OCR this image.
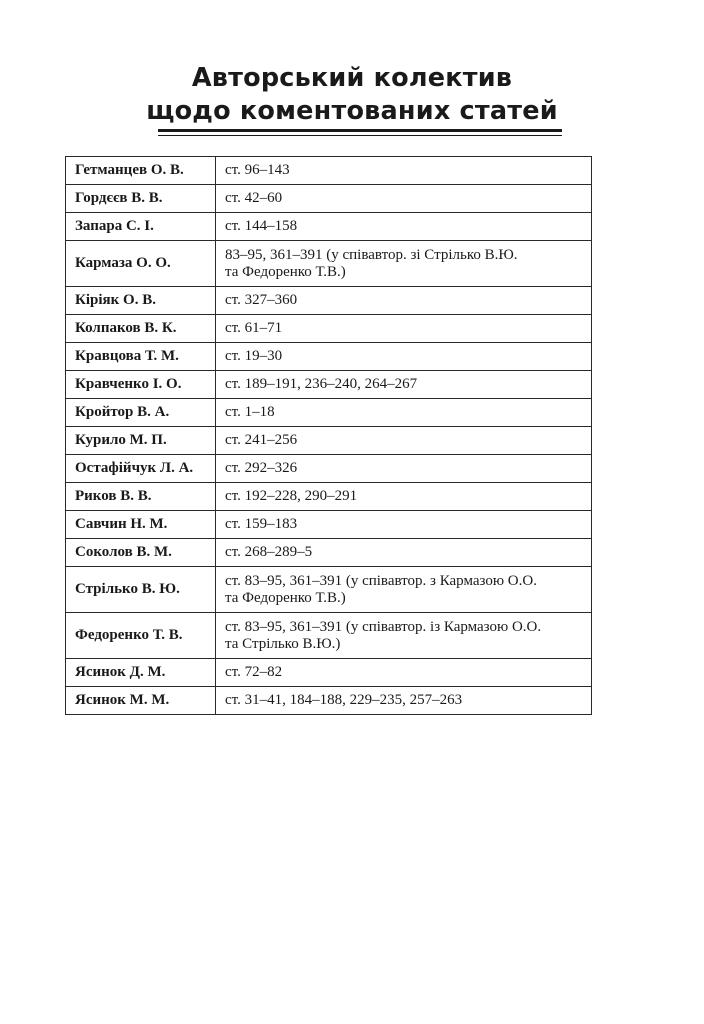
Авторський колектив
щодо коментованих статей
Гетманцев О. В.	ст. 96–143
Гордєєв В. В.	ст. 42–60
Запара С. І.	ст. 144–158
Кармаза О. О.	83–95, 361–391 (у співавтор. зі Стрілько В.Ю.
та Федоренко Т.В.)
Кіріяк О. В.	ст. 327–360
Колпаков В. К.	ст. 61–71
Кравцова Т. М.	ст. 19–30
Кравченко І. О.	ст. 189–191, 236–240, 264–267
Кройтор В. А.	ст. 1–18
Курило М. П.	ст. 241–256
Остафійчук Л. А.	ст. 292–326
Риков В. В.	ст. 192–228, 290–291
Савчин Н. М.	ст. 159–183
Соколов В. М.	ст. 268–289–5
Стрілько В. Ю.	ст. 83–95, 361–391 (у співавтор. з Кармазою О.О.
та Федоренко Т.В.)
Федоренко Т. В.	ст. 83–95, 361–391 (у співавтор. із Кармазою О.О.
та Стрілько В.Ю.)
Ясинок Д. М.	ст. 72–82
Ясинок М. М.	ст. 31–41, 184–188, 229–235, 257–263
